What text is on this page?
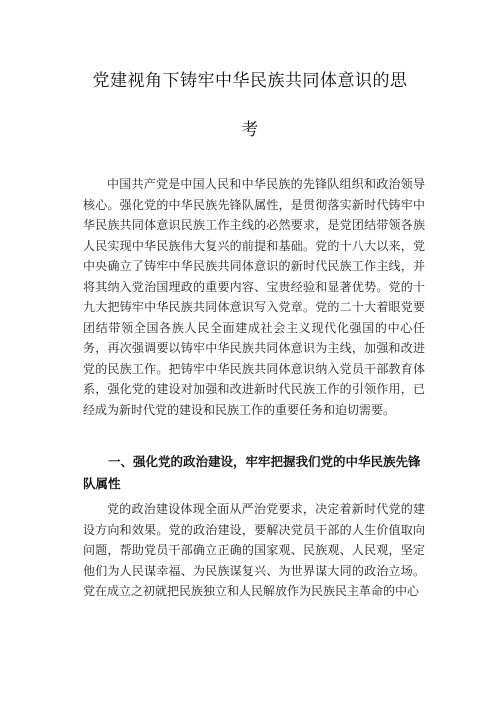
党建视角下铸牢中华民族共同体意识的思
考

中国共产党是中国人民和中华民族的先锋队组织和政治领导核心。强化党的中华民族先锋队属性，是贯彻落实新时代铸牢中华民族共同体意识民族工作主线的必然要求，是党团结带领各族人民实现中华民族伟大复兴的前提和基础。党的十八大以来，党中央确立了铸牢中华民族共同体意识的新时代民族工作主线，并将其纳入党治国理政的重要内容、宝贵经验和显著优势。党的十九大把铸牢中华民族共同体意识写入党章。党的二十大着眼党要团结带领全国各族人民全面建成社会主义现代化强国的中心任务，再次强调要以铸牢中华民族共同体意识为主线，加强和改进党的民族工作。把铸牢中华民族共同体意识纳入党员干部教育体系，强化党的建设对加强和改进新时代民族工作的引领作用，已经成为新时代党的建设和民族工作的重要任务和迫切需要。

一、强化党的政治建设，牢牢把握我们党的中华民族先锋队属性

党的政治建设体现全面从严治党要求，决定着新时代党的建设方向和效果。党的政治建设，要解决党员干部的人生价值取向问题，帮助党员干部确立正确的国家观、民族观、人民观，坚定他们为人民谋幸福、为民族谋复兴、为世界谋大同的政治立场。党在成立之初就把民族独立和人民解放作为民族民主革命的中心
